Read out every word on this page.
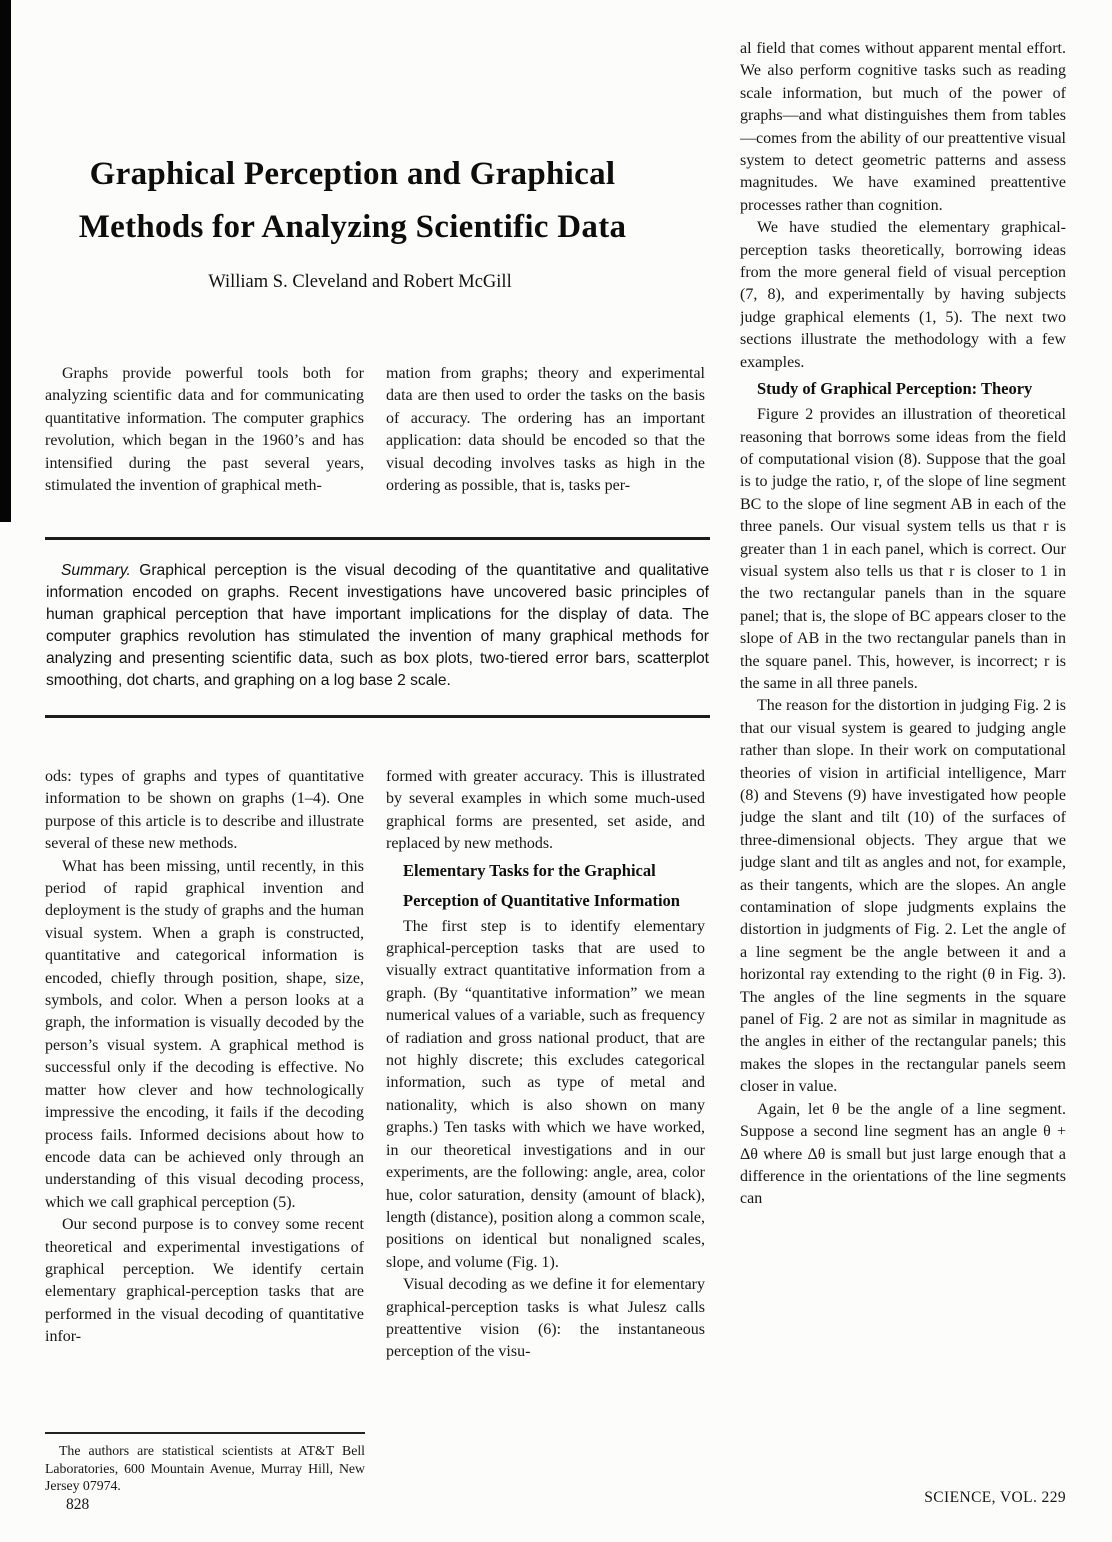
Graphical Perception and Graphical
Methods for Analyzing Scientific Data
William S. Cleveland and Robert McGill

Graphs provide powerful tools both for analyzing scientific data and for communicating quantitative information. The computer graphics revolution, which began in the 1960’s and has intensified during the past several years, stimulated the invention of graphical meth-

mation from graphs; theory and experimental data are then used to order the tasks on the basis of accuracy. The ordering has an important application: data should be encoded so that the visual decoding involves tasks as high in the ordering as possible, that is, tasks per-

Summary. Graphical perception is the visual decoding of the quantitative and qualitative information encoded on graphs. Recent investigations have uncovered basic principles of human graphical perception that have important implications for the display of data. The computer graphics revolution has stimulated the invention of many graphical methods for analyzing and presenting scientific data, such as box plots, two-tiered error bars, scatterplot smoothing, dot charts, and graphing on a log base 2 scale.

ods: types of graphs and types of quantitative information to be shown on graphs (1–4). One purpose of this article is to describe and illustrate several of these new methods.

What has been missing, until recently, in this period of rapid graphical invention and deployment is the study of graphs and the human visual system. When a graph is constructed, quantitative and categorical information is encoded, chiefly through position, shape, size, symbols, and color. When a person looks at a graph, the information is visually decoded by the person’s visual system. A graphical method is successful only if the decoding is effective. No matter how clever and how technologically impressive the encoding, it fails if the decoding process fails. Informed decisions about how to encode data can be achieved only through an understanding of this visual decoding process, which we call graphical perception (5).

Our second purpose is to convey some recent theoretical and experimental investigations of graphical perception. We identify certain elementary graphical-perception tasks that are performed in the visual decoding of quantitative infor-

formed with greater accuracy. This is illustrated by several examples in which some much-used graphical forms are presented, set aside, and replaced by new methods.

Elementary Tasks for the Graphical
Perception of Quantitative Information

The first step is to identify elementary graphical-perception tasks that are used to visually extract quantitative information from a graph. (By “quantitative information” we mean numerical values of a variable, such as frequency of radiation and gross national product, that are not highly discrete; this excludes categorical information, such as type of metal and nationality, which is also shown on many graphs.) Ten tasks with which we have worked, in our theoretical investigations and in our experiments, are the following: angle, area, color hue, color saturation, density (amount of black), length (distance), position along a common scale, positions on identical but nonaligned scales, slope, and volume (Fig. 1).

Visual decoding as we define it for elementary graphical-perception tasks is what Julesz calls preattentive vision (6): the instantaneous perception of the visu-

al field that comes without apparent mental effort. We also perform cognitive tasks such as reading scale information, but much of the power of graphs—and what distinguishes them from tables—comes from the ability of our preattentive visual system to detect geometric patterns and assess magnitudes. We have examined preattentive processes rather than cognition.

We have studied the elementary graphical-perception tasks theoretically, borrowing ideas from the more general field of visual perception (7, 8), and experimentally by having subjects judge graphical elements (1, 5). The next two sections illustrate the methodology with a few examples.

Study of Graphical Perception: Theory

Figure 2 provides an illustration of theoretical reasoning that borrows some ideas from the field of computational vision (8). Suppose that the goal is to judge the ratio, r, of the slope of line segment BC to the slope of line segment AB in each of the three panels. Our visual system tells us that r is greater than 1 in each panel, which is correct. Our visual system also tells us that r is closer to 1 in the two rectangular panels than in the square panel; that is, the slope of BC appears closer to the slope of AB in the two rectangular panels than in the square panel. This, however, is incorrect; r is the same in all three panels.

The reason for the distortion in judging Fig. 2 is that our visual system is geared to judging angle rather than slope. In their work on computational theories of vision in artificial intelligence, Marr (8) and Stevens (9) have investigated how people judge the slant and tilt (10) of the surfaces of three-dimensional objects. They argue that we judge slant and tilt as angles and not, for example, as their tangents, which are the slopes. An angle contamination of slope judgments explains the distortion in judgments of Fig. 2. Let the angle of a line segment be the angle between it and a horizontal ray extending to the right (θ in Fig. 3). The angles of the line segments in the square panel of Fig. 2 are not as similar in magnitude as the angles in either of the rectangular panels; this makes the slopes in the rectangular panels seem closer in value.

Again, let θ be the angle of a line segment. Suppose a second line segment has an angle θ + Δθ where Δθ is small but just large enough that a difference in the orientations of the line segments can

The authors are statistical scientists at AT&T Bell Laboratories, 600 Mountain Avenue, Murray Hill, New Jersey 07974.

828	SCIENCE, VOL. 229
